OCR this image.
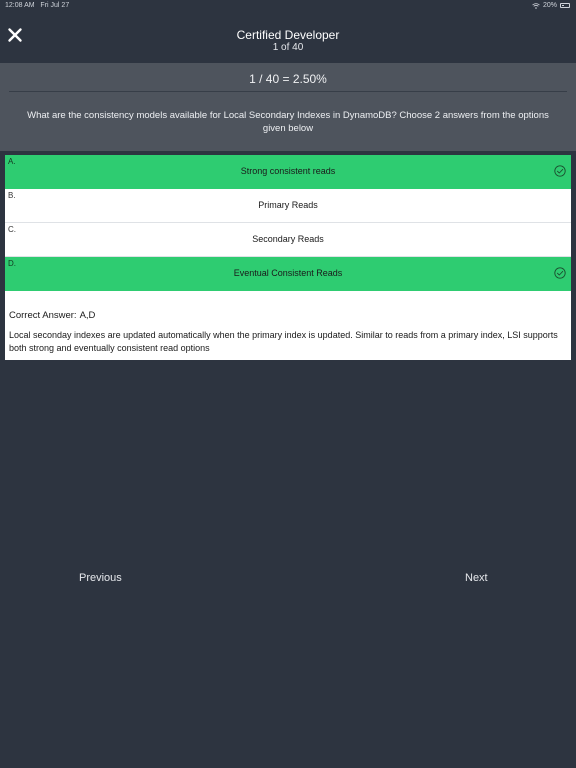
12:08 AM Fri Jul 27	20%
Certified Developer
1 of 40
1 / 40 = 2.50%
What are the consistency models available for Local Secondary Indexes in DynamoDB? Choose 2 answers from the options given below
A.
Strong consistent reads
B.
Primary Reads
C.
Secondary Reads
D.
Eventual Consistent Reads
Correct Answer: A,D
Local seconday indexes are updated automatically when the primary index is updated. Similar to reads from a primary index, LSI supports both strong and eventually consistent read options
Previous	Next
